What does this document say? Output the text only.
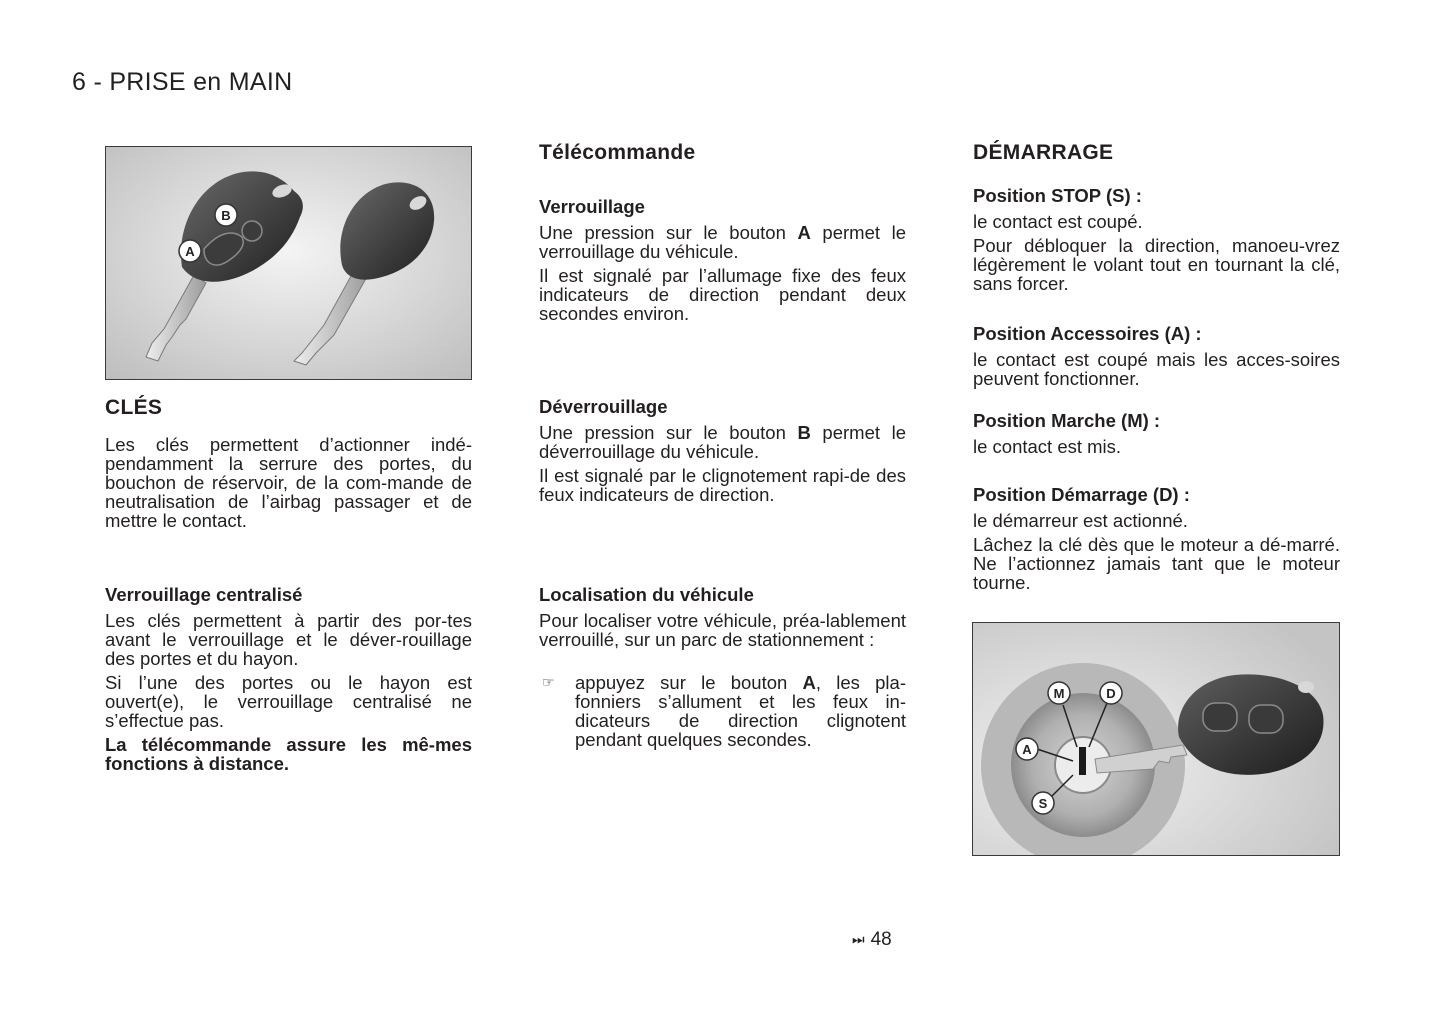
6 - PRISE en MAIN
B
A
CLÉS

Les clés permettent d’actionner indé-pendamment la serrure des portes, du bouchon de réservoir, de la com-mande de neutralisation de l’airbag passager et de mettre le contact.

Verrouillage centralisé

Les clés permettent à partir des por-tes avant le verrouillage et le déver-rouillage des portes et du hayon.

Si l’une des portes ou le hayon est ouvert(e), le verrouillage centralisé ne s’effectue pas.

La télécommande assure les mê-mes fonctions à distance.

Télécommande
Verrouillage

Une pression sur le bouton A permet le verrouillage du véhicule.

Il est signalé par l’allumage fixe des feux indicateurs de direction pendant deux secondes environ.

Déverrouillage

Une pression sur le bouton B permet le déverrouillage du véhicule.

Il est signalé par le clignotement rapi-de des feux indicateurs de direction.

Localisation du véhicule

Pour localiser votre véhicule, préa-lablement verrouillé, sur un parc de stationnement :

☞ appuyez sur le bouton A, les pla-fonniers s’allument et les feux in-dicateurs de direction clignotent pendant quelques secondes.
DÉMARRAGE
Position STOP (S) :

le contact est coupé.

Pour débloquer la direction, manoeu-vrez légèrement le volant tout en tournant la clé, sans forcer.

Position Accessoires (A) :

le contact est coupé mais les acces-soires peuvent fonctionner.

Position Marche (M) :

le contact est mis.

Position Démarrage (D) :

le démarreur est actionné.

Lâchez la clé dès que le moteur a dé-marré. Ne l’actionnez jamais tant que le moteur tourne.

M	D
A
S
⏭ 48
